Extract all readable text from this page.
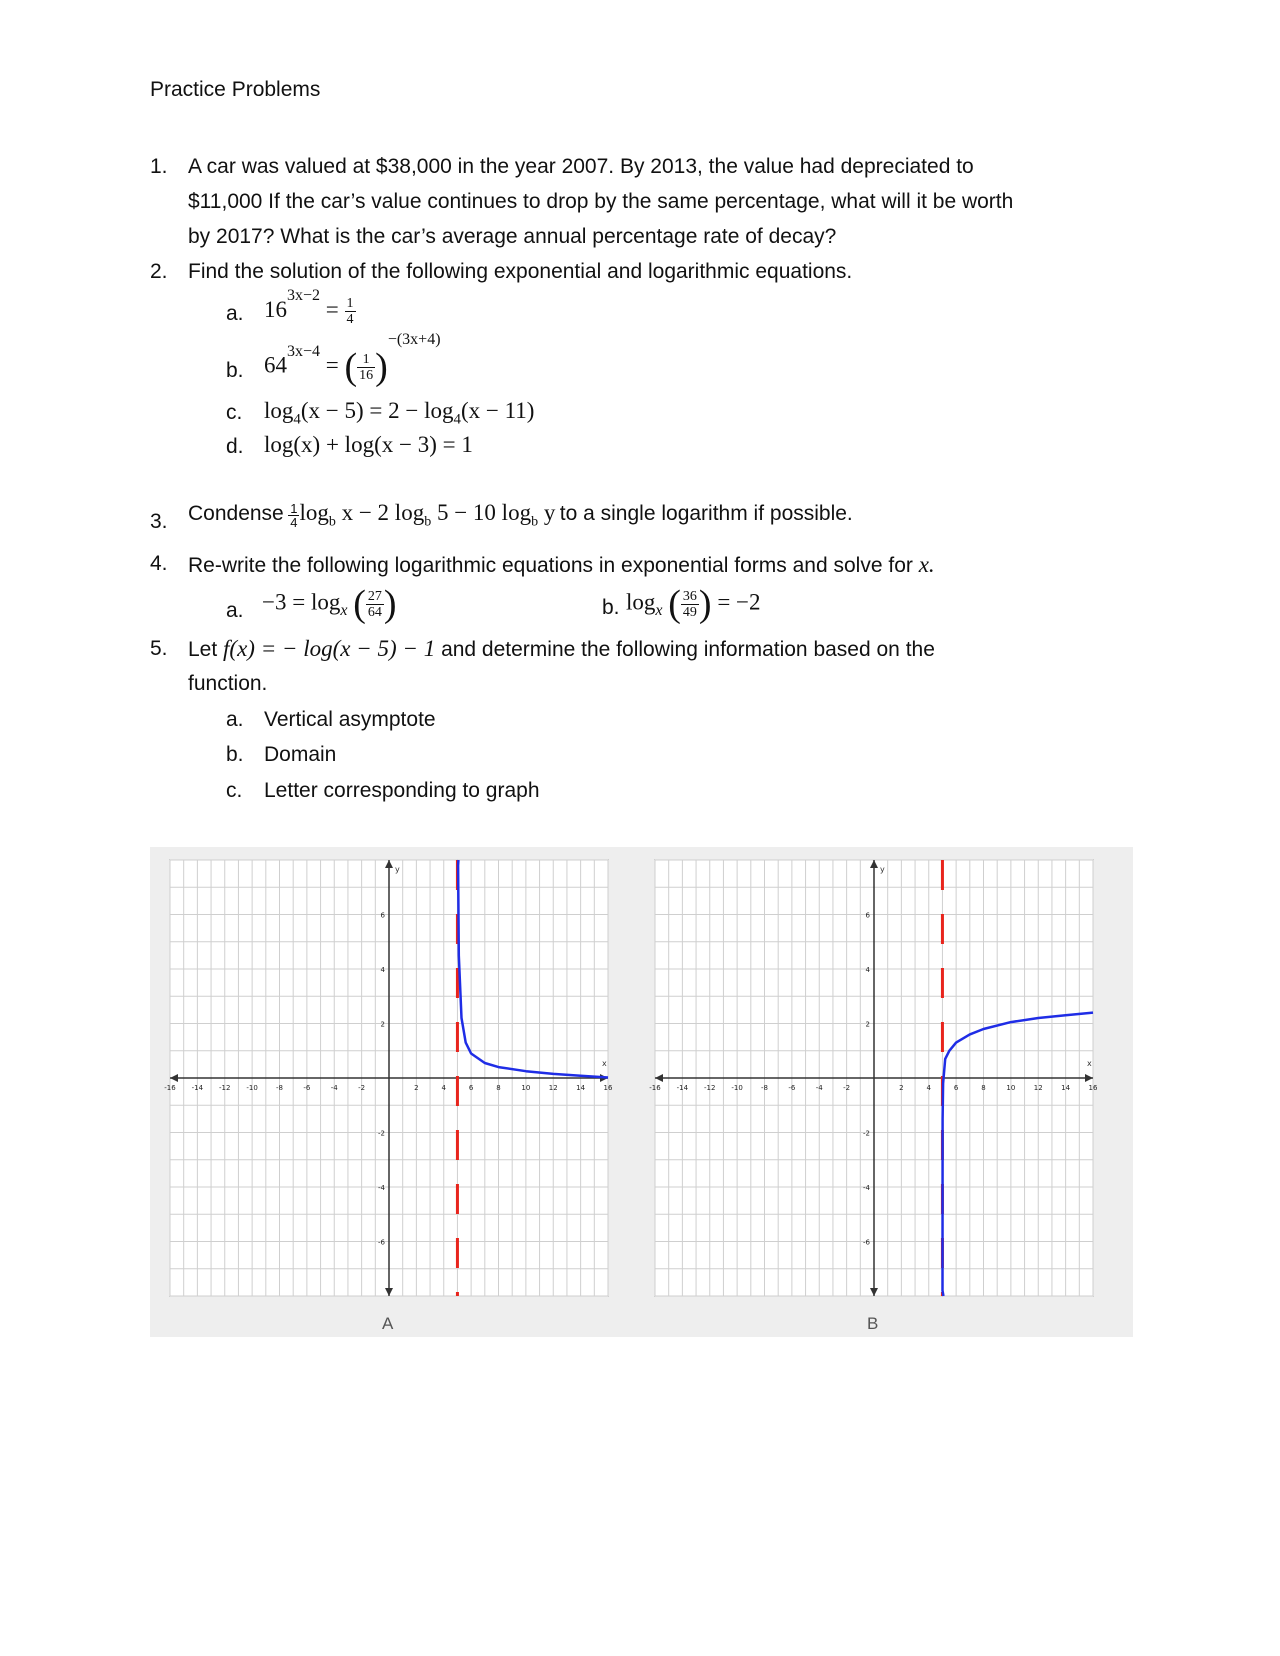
Practice Problems
1. A car was valued at $38,000 in the year 2007. By 2013, the value had depreciated to
$11,000 If the car’s value continues to drop by the same percentage, what will it be worth
by 2017? What is the car’s average annual percentage rate of decay?
2. Find the solution of the following exponential and logarithmic equations.
a. $16^{3x-2} = \frac{1}{4}$
b. $64^{3x-4}$ = ( $\frac{1}{16} )^{-(3x+4)}$
c. $\log_4(x - 5) = 2 - \log_4(x - 11)$
d. log(x) + log(x − 3) = 1
3. Condense $\frac{1}{4} \log_b x - 2$ $\log_b 5 - 10$ $\log_b y$ to a single logarithm if possible.
4. Re-write the following logarithmic equations in exponential forms and solve for x.
a. $-3 = \log_x$ ( $\frac{27}{64}$ )	b. $\log_x$ ( $\frac{36}{49}$ ) = −2
5. Let f(x) = − log(x − 5) − 1 and determine the following information based on the
function.
a. Vertical asymptote
b. Domain
c. Letter corresponding to graph
x
y
-16 -14 -12 -10	-8	-6	-4	-2	2	4	6	8	10	12	14	16
6
4
2
-2
-4
-6
x
y
-16 -14 -12 -10	-8	-6	-4	-2	2	4	6	8	10	12	14	16
6
4
2
-2
-4
-6
A	B
